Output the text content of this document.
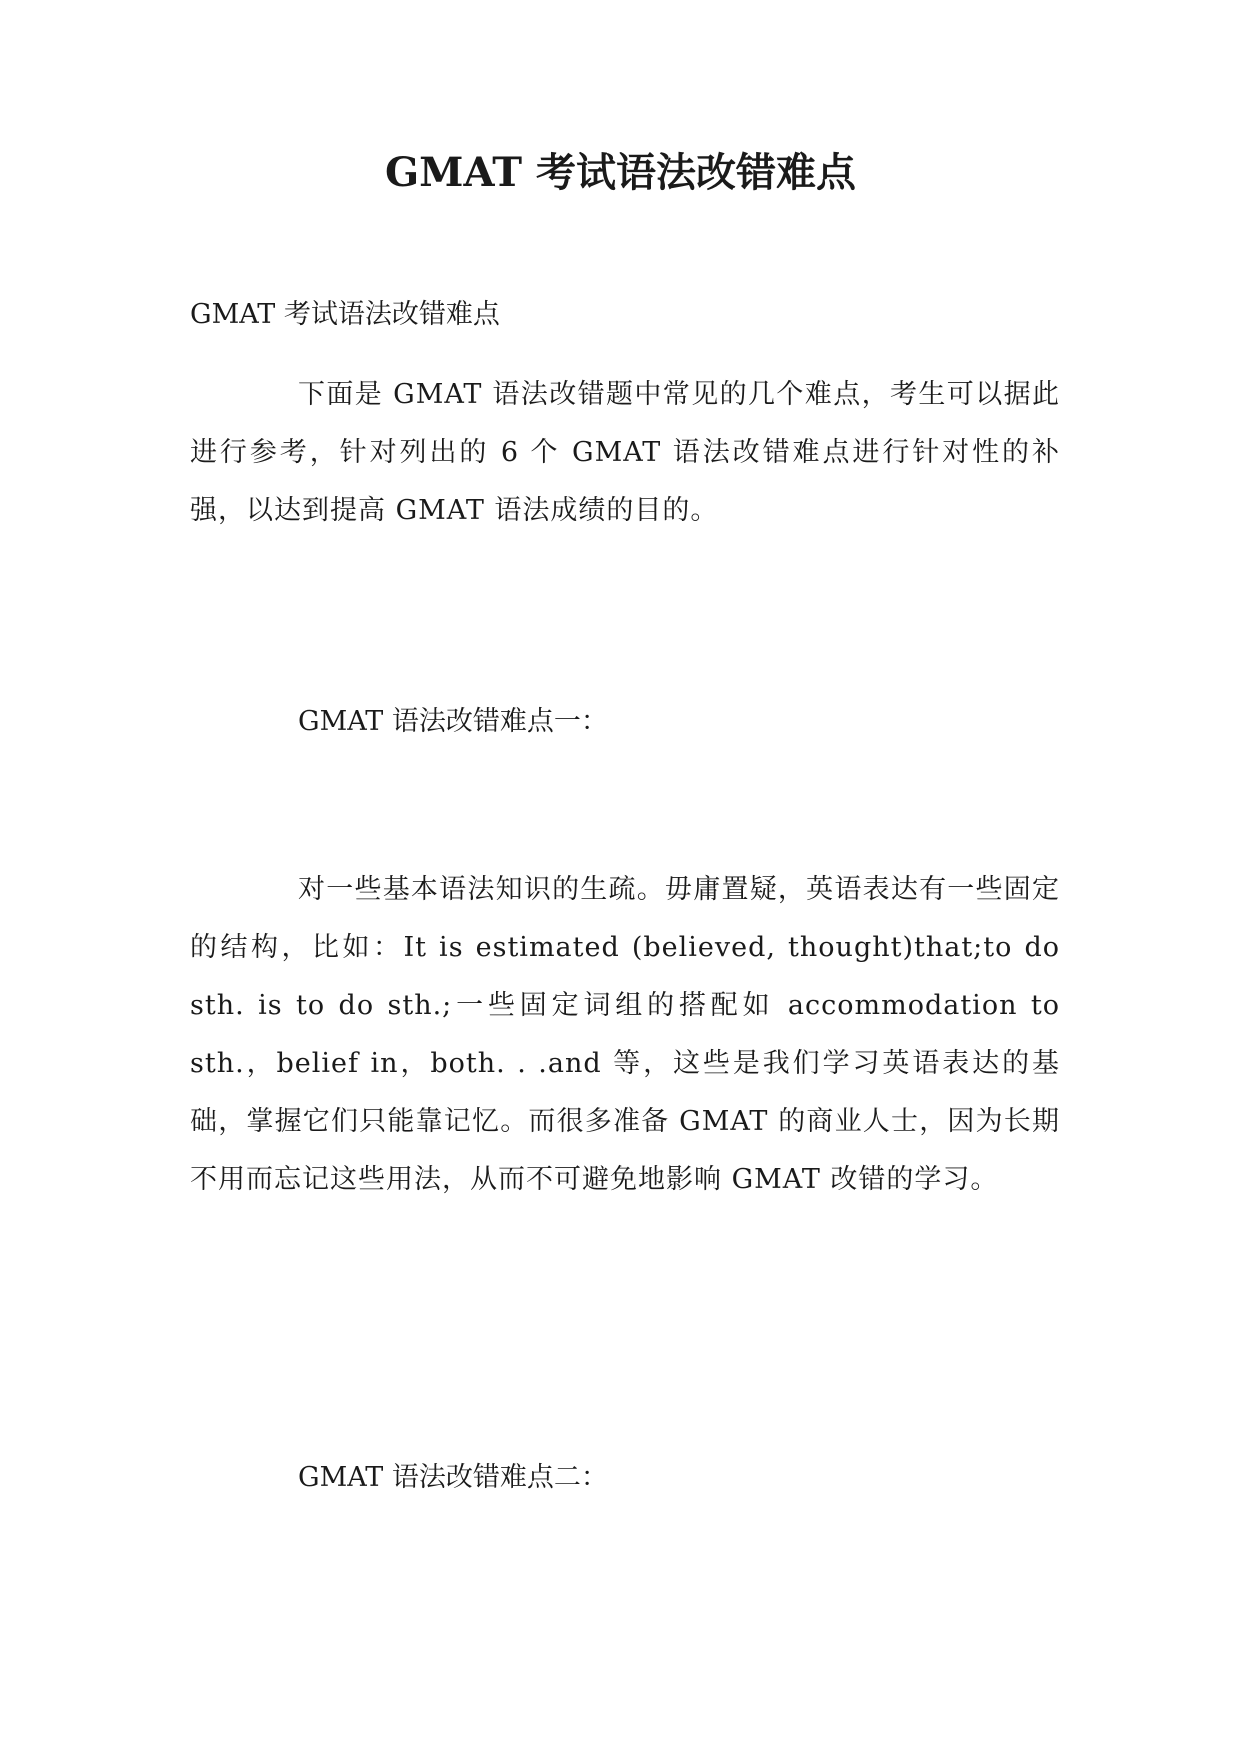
GMAT 考试语法改错难点

GMAT 考试语法改错难点

下面是 GMAT 语法改错题中常见的几个难点，考生可以据此进行参考，针对列出的 6 个 GMAT 语法改错难点进行针对性的补强，以达到提高 GMAT 语法成绩的目的。

GMAT 语法改错难点一：

对一些基本语法知识的生疏。毋庸置疑，英语表达有一些固定的结构，比如：It is estimated (believed, thought)that;to do sth. is to do sth.;一些固定词组的搭配如 accommodation to sth.，belief in，both. . .and 等，这些是我们学习英语表达的基础，掌握它们只能靠记忆。而很多准备 GMAT 的商业人士，因为长期不用而忘记这些用法，从而不可避免地影响 GMAT 改错的学习。

GMAT 语法改错难点二：
